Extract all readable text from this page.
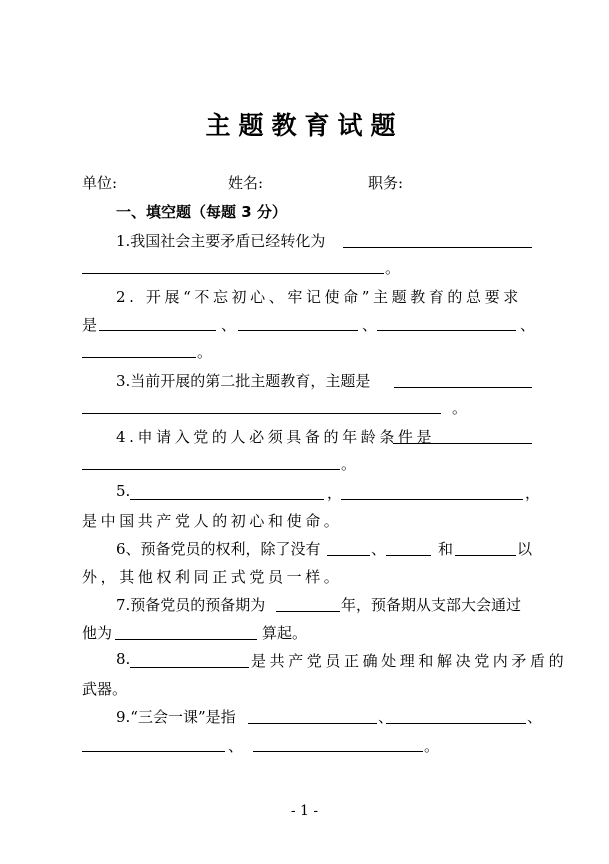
主题教育试题
单位:	姓名:	职务:
一、填空题（每题 3 分）
1.我国社会主要矛盾已经转化为
。
2. 开展“不忘初心、牢记使命”主题教育的总要求
是	、	、	、
。
3.当前开展的第二批主题教育，主题是
。
4.申请入党的人必须具备的年龄条件是
。
5.	，	，
是中国共产党人的初心和使命。
6、预备党员的权利，除了没有	、	和	以
外，其他权利同正式党员一样。
7.预备党员的预备期为	年，预备期从支部大会通过
他为	算起。
8.	是共产党员正确处理和解决党内矛盾的
武器。
9.“三会一课”是指	、	、
、	。
- 1 -
